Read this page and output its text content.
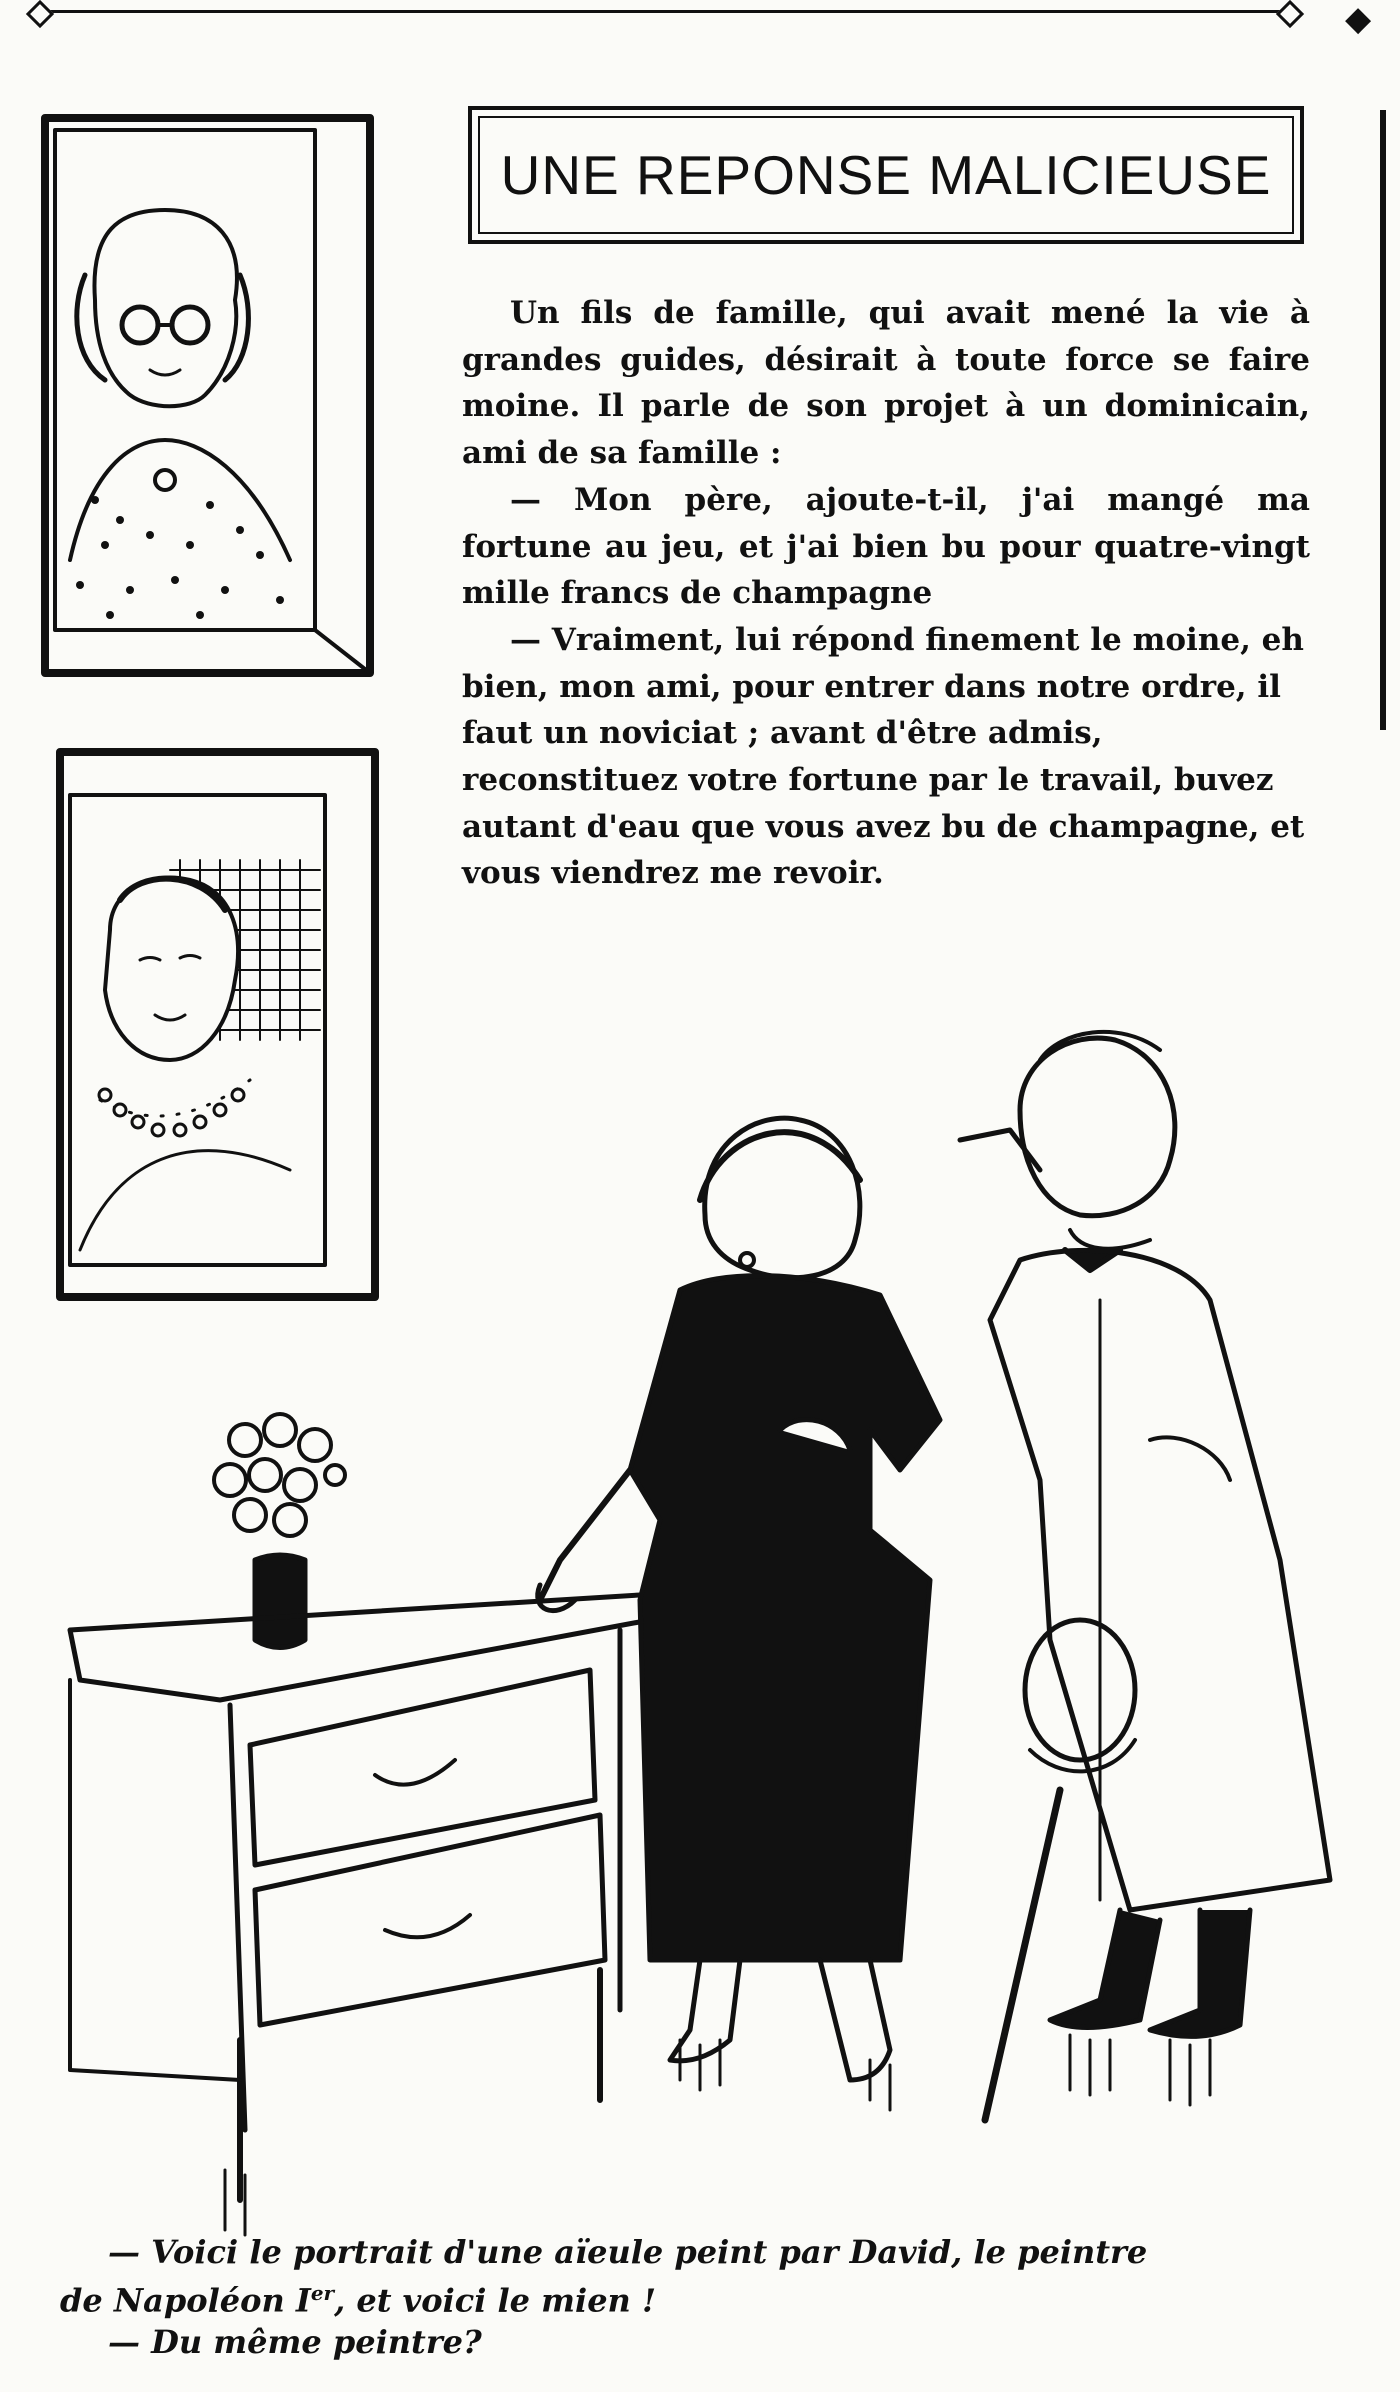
◆
UNE REPONSE MALICIEUSE

Un fils de famille, qui avait mené la vie à grandes guides, désirait à toute force se faire moine. Il parle de son projet à un dominicain, ami de sa famille :

— Mon père, ajoute-t-il, j'ai mangé ma fortune au jeu, et j'ai bien bu pour quatre-vingt mille francs de champagne

— Vraiment, lui répond finement le moine, eh bien, mon ami, pour entrer dans notre ordre, il faut un noviciat ; avant d'être admis, reconstituez votre fortune par le travail, buvez autant d'eau que vous avez bu de champagne, et vous viendrez me revoir.

— Voici le portrait d'une aïeule peint par David, le peintre
de Napoléon Ier, et voici le mien !
— Du même peintre?
